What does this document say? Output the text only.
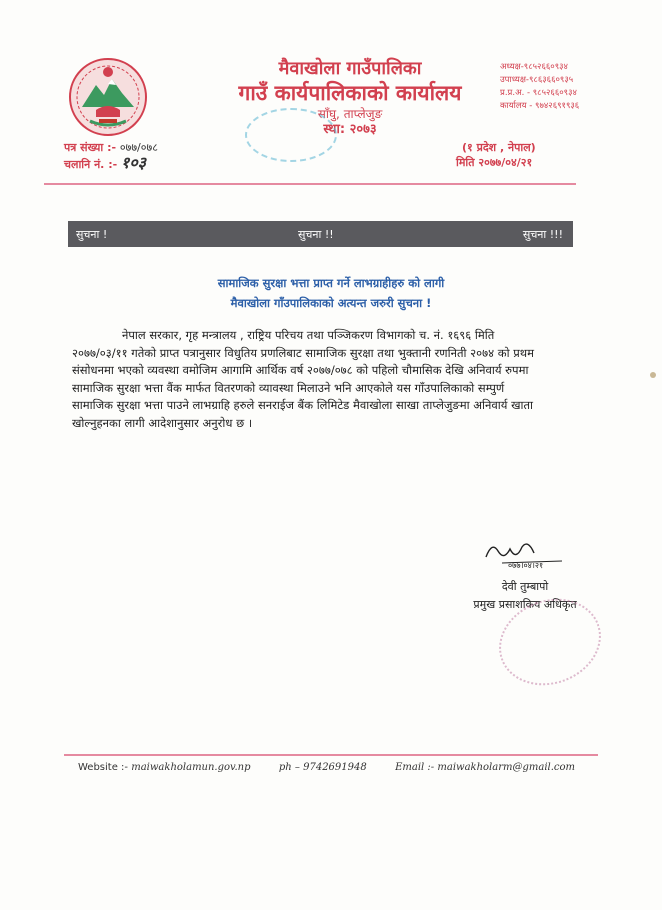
मैवाखोला गाउँपालिका
गाउँ कार्यपालिकाको कार्यालय
साँघु, ताप्लेजुङ
स्था: २०७३
अध्यक्ष-९८५२६६०९३४
उपाध्यक्ष-९८६३६६०९३५
प्र.प्र.अ. - ९८५२६६०९३४
कार्यालय - ९७४२६९१९३६
पत्र संख्या :- ०७७/०७८
चलानि नं. :- १०३
(१ प्रदेश , नेपाल)
मिति २०७७/०४/२१
सुचना !	सुचना !!	सुचना !!!
सामाजिक सुरक्षा भत्ता प्राप्त गर्ने लाभग्राहीहरु को लागी
मैवाखोला गाँउपालिकाको अत्यन्त जरुरी सुचना !
नेपाल सरकार, गृह मन्त्रालय , राष्ट्रिय परिचय तथा पञ्जिकरण विभागको च. नं. १६९६ मिति
२०७७/०३/११ गतेको प्राप्त पत्रानुसार विधुतिय प्रणलिबाट सामाजिक सुरक्षा तथा भुक्तानी रणनिती २०७४ को प्रथम
संसोधनमा भएको व्यवस्था वमोजिम आगामि आर्थिक वर्ष २०७७/०७८ को पहिलो चौमासिक देखि अनिवार्य रुपमा
सामाजिक सुरक्षा भत्ता वैंक मार्फत वितरणको व्यावस्था मिलाउने भनि आएकोले यस गाँउपालिकाको सम्पुर्ण
सामाजिक सुरक्षा भत्ता पाउने लाभग्राहि हरुले सनराईज बैंक लिमिटेड मैवाखोला साखा ताप्लेजुङमा अनिवार्य खाता
खोल्नुहनका लागी आदेशानुसार अनुरोध छ ।
०७७।०४।२१
देवी तुम्बापो
प्रमुख प्रसाशकिय अधिकृत
Website :- maiwakholamun.gov.np	ph – 9742691948	Email :- maiwakholarm@gmail.com
